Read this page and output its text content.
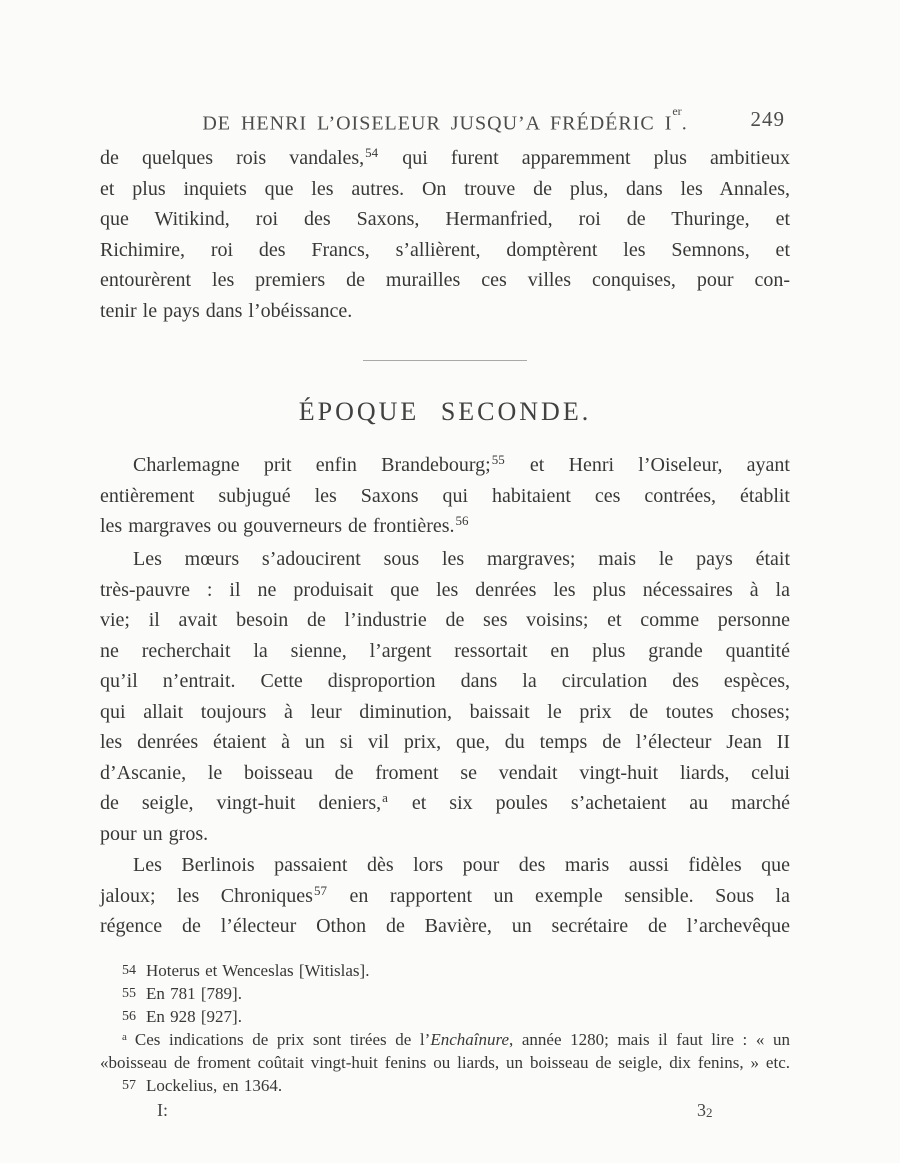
DE HENRI L’OISELEUR JUSQU’A FRÉDÉRIC Ier.	249
de quelques rois vandales,$^{54}$ qui furent apparemment plus ambitieux
et plus inquiets que les autres. On trouve de plus, dans les Annales,
que Witikind, roi des Saxons, Hermanfried, roi de Thuringe, et
Richimire, roi des Francs, s’allièrent, domptèrent les Semnons, et
entourèrent les premiers de murailles ces villes conquises, pour con-
tenir le pays dans l’obéissance.
ÉPOQUE SECONDE.
Charlemagne prit enfin Brandebourg;$^{55}$ et Henri l’Oiseleur, ayant
entièrement subjugué les Saxons qui habitaient ces contrées, établit
les margraves ou gouverneurs de frontières.$^{56}$
Les mœurs s’adoucirent sous les margraves; mais le pays était
très-pauvre : il ne produisait que les denrées les plus nécessaires à la
vie; il avait besoin de l’industrie de ses voisins; et comme personne
ne recherchait la sienne, l’argent ressortait en plus grande quantité
qu’il n’entrait. Cette disproportion dans la circulation des espèces,
qui allait toujours à leur diminution, baissait le prix de toutes choses;
les denrées étaient à un si vil prix, que, du temps de l’électeur Jean II
d’Ascanie, le boisseau de froment se vendait vingt-huit liards, celui
de seigle, vingt-huit deniers,$^a$ et six poules s’achetaient au marché
pour un gros.
Les Berlinois passaient dès lors pour des maris aussi fidèles que
jaloux; les Chroniques$^{57}$ en rapportent un exemple sensible. Sous la
régence de l’électeur Othon de Bavière, un secrétaire de l’archevêque
54 Hoterus et Wenceslas [Witislas].
55 En 781 [789].
56 En 928 [927].
$^a$ Ces indications de prix sont tirées de l’Enchaînure, année 1280; mais il faut lire : « un
«boisseau de froment coûtait vingt-huit fenins ou liards, un boisseau de seigle, dix fenins, » etc.
57 Lockelius, en 1364.
I:	32
